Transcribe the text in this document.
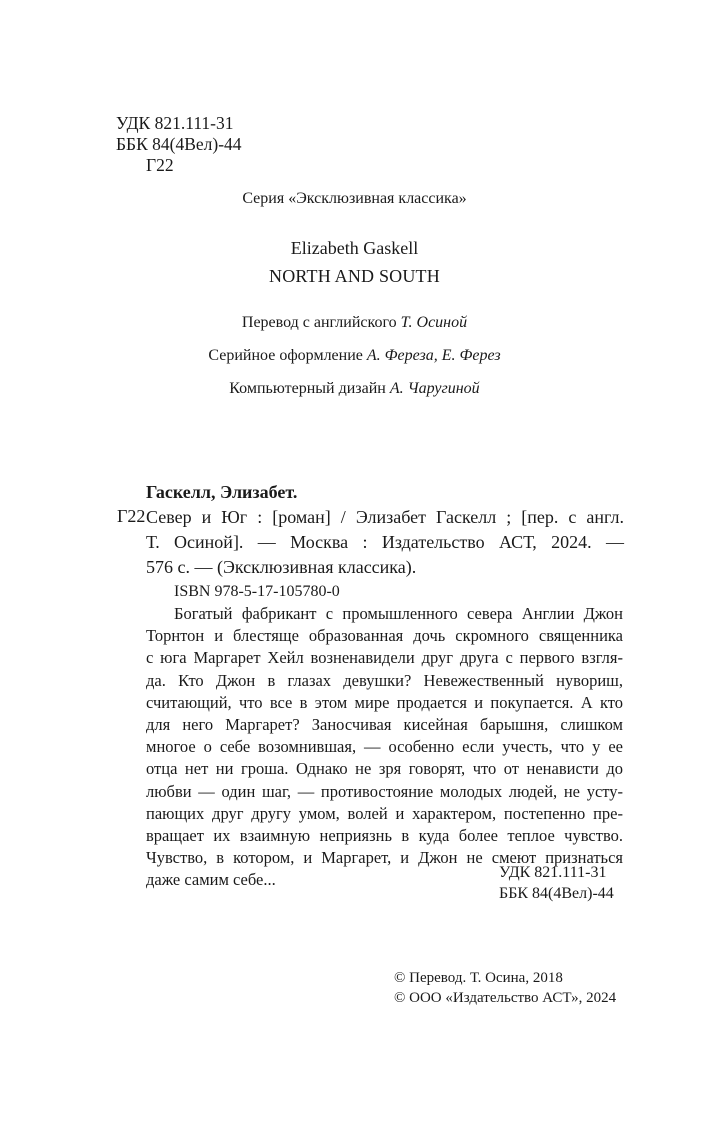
УДК 821.111-31
ББК 84(4Вел)-44
Г22
Серия «Эксклюзивная классика»
Elizabeth Gaskell
NORTH AND SOUTH
Перевод с английского Т. Осиной
Серийное оформление А. Фереза, Е. Ферез
Компьютерный дизайн А. Чаругиной
Гаскелл, Элизабет.
Г22 Север и Юг : [роман] / Элизабет Гаскелл ; [пер. с англ.
Т. Осиной]. — Москва : Издательство АСТ, 2024. —
576 с. — (Эксклюзивная классика).
ISBN 978-5-17-105780-0
Богатый фабрикант с промышленного севера Англии Джон
Торнтон и блестяще образованная дочь скромного священника
с юга Маргарет Хейл возненавидели друг друга с первого взгля-
да. Кто Джон в глазах девушки? Невежественный нувориш,
считающий, что все в этом мире продается и покупается. А кто
для него Маргарет? Заносчивая кисейная барышня, слишком
многое о себе возомнившая, — особенно если учесть, что у ее
отца нет ни гроша. Однако не зря говорят, что от ненависти до
любви — один шаг, — противостояние молодых людей, не усту-
пающих друг другу умом, волей и характером, постепенно пре-
вращает их взаимную неприязнь в куда более теплое чувство.
Чувство, в котором, и Маргарет, и Джон не смеют признаться
даже самим себе...	УДК 821.111-31
ББК 84(4Вел)-44
© Перевод. Т. Осина, 2018
© ООО «Издательство АСТ», 2024
